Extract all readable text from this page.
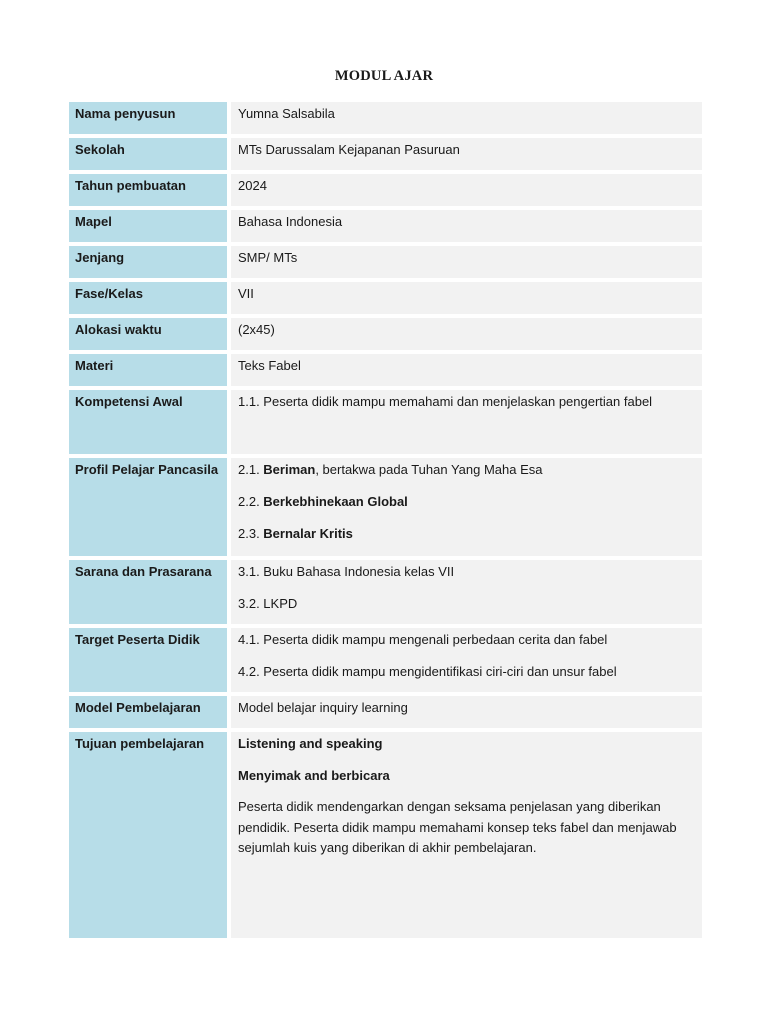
MODUL AJAR
Nama penyusun	Yumna Salsabila
Sekolah	MTs Darussalam Kejapanan Pasuruan
Tahun pembuatan	2024
Mapel	Bahasa Indonesia
Jenjang	SMP/ MTs
Fase/Kelas	VII
Alokasi waktu	(2x45)
Materi	Teks Fabel
Kompetensi Awal	1.1. Peserta didik mampu memahami dan menjelaskan pengertian fabel
Profil Pelajar Pancasila	2.1. Beriman, bertakwa pada Tuhan Yang Maha Esa

2.2. Berkebhinekaan Global

2.3. Bernalar Kritis

Sarana dan Prasarana	3.1. Buku Bahasa Indonesia kelas VII

3.2. LKPD

Target Peserta Didik	4.1. Peserta didik mampu mengenali perbedaan cerita dan fabel

4.2. Peserta didik mampu mengidentifikasi ciri-ciri dan unsur fabel

Model Pembelajaran	Model belajar inquiry learning
Tujuan pembelajaran	Listening and speaking

Menyimak and berbicara

Peserta didik mendengarkan dengan seksama penjelasan yang diberikan pendidik. Peserta didik mampu memahami konsep teks fabel dan menjawab sejumlah kuis yang diberikan di akhir pembelajaran.
